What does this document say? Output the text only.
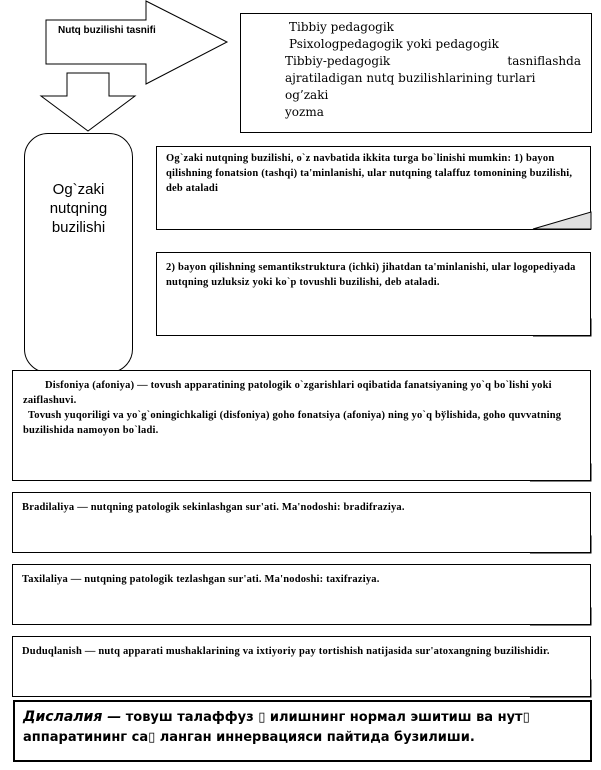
Nutq buzilishi tasnifi	Tibbiy pedagogik
Psixologpedagogik yoki pedagogik
Tibbiy-pedagogik	tasniflashda
ajratiladigan nutq buzilishlarining turlari
og’zaki
yozma
Og`zaki nutqning buzilishi

Og`zaki nutqning buzilishi, o`z navbatida ikkita turga bo`linishi mumkin: 1) bayon qilishning fonatsion (tashqi) ta'minlanishi, ular nutqning talaffuz tomonining buzilishi, deb ataladi

2) bayon qilishning semantikstruktura (ichki) jihatdan ta'minlanishi, ular logopediyada nutqning uzluksiz yoki ko`p tovushli buzilishi, deb ataladi.

Disfoniya (afoniya) — tovush apparatining patologik o`zgarishlari oqibatida fanatsiyaning yo`q bo`lishi yoki zaiflashuvi.

Tovush yuqoriligi va yo`g`oningichkaligi (disfoniya) goho fonatsiya (afoniya) ning yo`q bўlishida, goho quvvatning buzilishida namoyon bo`ladi.

Bradilaliya — nutqning patologik sekinlashgan sur'ati. Ma'nodoshi: bradifraziya.

Taxilaliya — nutqning patologik tezlashgan sur'ati. Ma'nodoshi: taxifraziya.

Duduqlanish — nutq apparati mushaklarining va ixtiyoriy pay tortishish natijasida sur'atoxangning buzilishidir.

Дислалия — товуш талаффуз ▯ илишнинг нормал эшитиш ва нут▯ аппаратининг са▯ ланган иннервацияси пайтида бузилиши.
